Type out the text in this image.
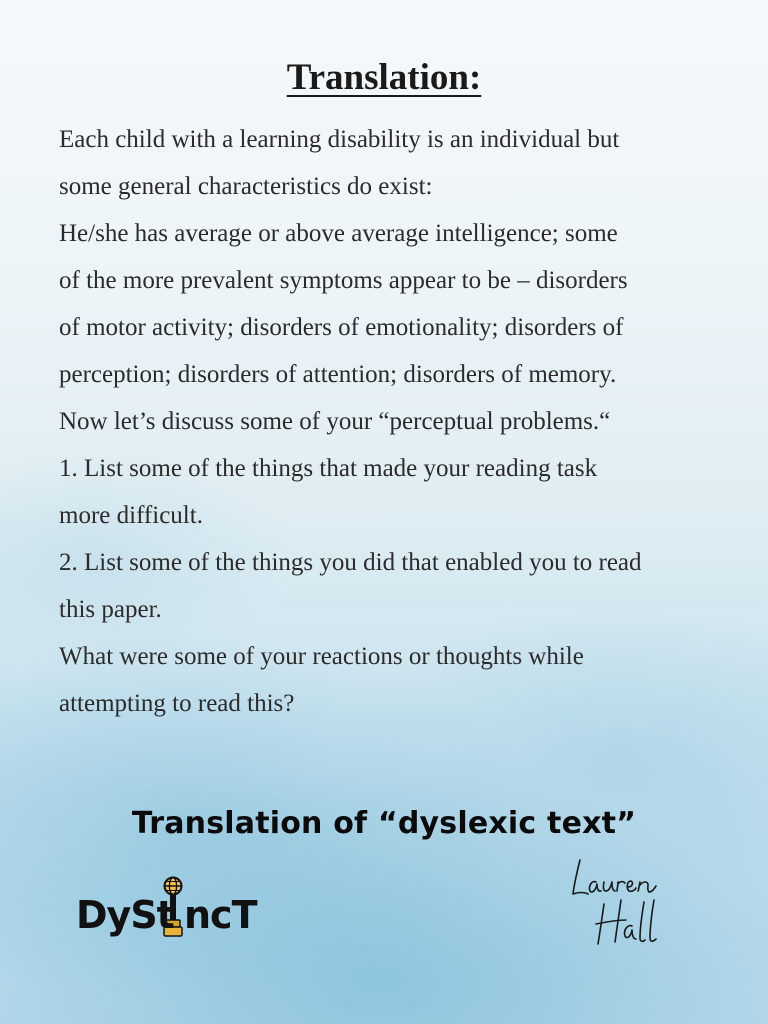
Translation:
Each child with a learning disability is an individual but
some general characteristics do exist:
He/she has average or above average intelligence; some
of the more prevalent symptoms appear to be – disorders
of motor activity; disorders of emotionality; disorders of
perception; disorders of attention; disorders of memory.
Now let’s discuss some of your “perceptual problems.“
1. List some of the things that made your reading task
more difficult.
2. List some of the things you did that enabled you to read
this paper.
What were some of your reactions or thoughts while
attempting to read this?

Translation of “dyslexic text”

DySt ncT
